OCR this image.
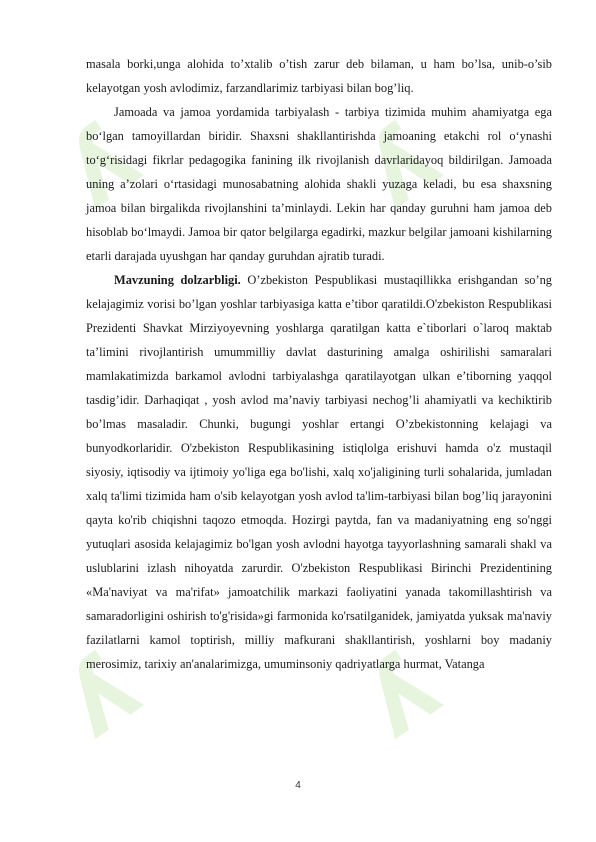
ʎ ʎ
ʎ ʎ

masala borki,unga alohida to’xtalib o’tish zarur deb bilaman, u ham bo’lsa, unib-o’sib kelayotgan yosh avlodimiz, farzandlarimiz tarbiyasi bilan bog’liq.

Jamoada va jamoa yordamida tarbiyalash - tarbiya tizimida muhim ahamiyatga ega bo‘lgan tamoyillardan biridir. Shaxsni shakllantirishda jamoaning etakchi rol o‘ynashi to‘g‘risidagi fikrlar pedagogika fanining ilk rivojlanish davrlaridayoq bildirilgan. Jamoada uning a’zolari o‘rtasidagi munosabatning alohida shakli yuzaga keladi, bu esa shaxsning jamoa bilan birgalikda rivojlanshini ta’minlaydi. Lekin har qanday guruhni ham jamoa deb hisoblab bo‘lmaydi. Jamoa bir qator belgilarga egadirki, mazkur belgilar jamoani kishilarning etarli darajada uyushgan har qanday guruhdan ajratib turadi.

Mavzuning dolzarbligi. O’zbekiston Pespublikasi mustaqillikka erishgandan so’ng kelajagimiz vorisi bo’lgan yoshlar tarbiyasiga katta e’tibor qaratildi.O'zbekiston Respublikasi Prezidenti Shavkat Mirziyoyevning yoshlarga qaratilgan katta e`tiborlari o`laroq maktab ta’limini rivojlantirish umummilliy davlat dasturining amalga oshirilishi samaralari mamlakatimizda barkamol avlodni tarbiyalashga qaratilayotgan ulkan e’tiborning yaqqol tasdig’idir. Darhaqiqat , yosh avlod ma’naviy tarbiyasi nechog’li ahamiyatli va kechiktirib bo’lmas masaladir. Chunki, bugungi yoshlar ertangi O’zbekistonning kelajagi va bunyodkorlaridir. O'zbekiston Respublikasining istiqlolga erishuvi hamda o'z mustaqil siyosiy, iqtisodiy va ijtimoiy yo'liga ega bo'lishi, xalq xo'jaligining turli sohalarida, jumladan xalq ta'limi tizimida ham o'sib kelayotgan yosh avlod ta'lim-tarbiyasi bilan bog’liq jarayonini qayta ko'rib chiqishni taqozo etmoqda. Hozirgi paytda, fan va madaniyatning eng so'nggi yutuqlari asosida kelajagimiz bo'lgan yosh avlodni hayotga tayyorlashning samarali shakl va uslublarini izlash nihoyatda zarurdir. O'zbekiston Respublikasi Birinchi Prezidentining «Ma'naviyat va ma'rifat» jamoatchilik markazi faoliyatini yanada takomillashtirish va samaradorligini oshirish to'g'risida»gi farmonida ko'rsatilganidek, jamiyatda yuksak ma'naviy fazilatlarni kamol toptirish, milliy mafkurani shakllantirish, yoshlarni boy madaniy merosimiz, tarixiy an'analarimizga, umuminsoniy qadriyatlarga hurmat, Vatanga

4
